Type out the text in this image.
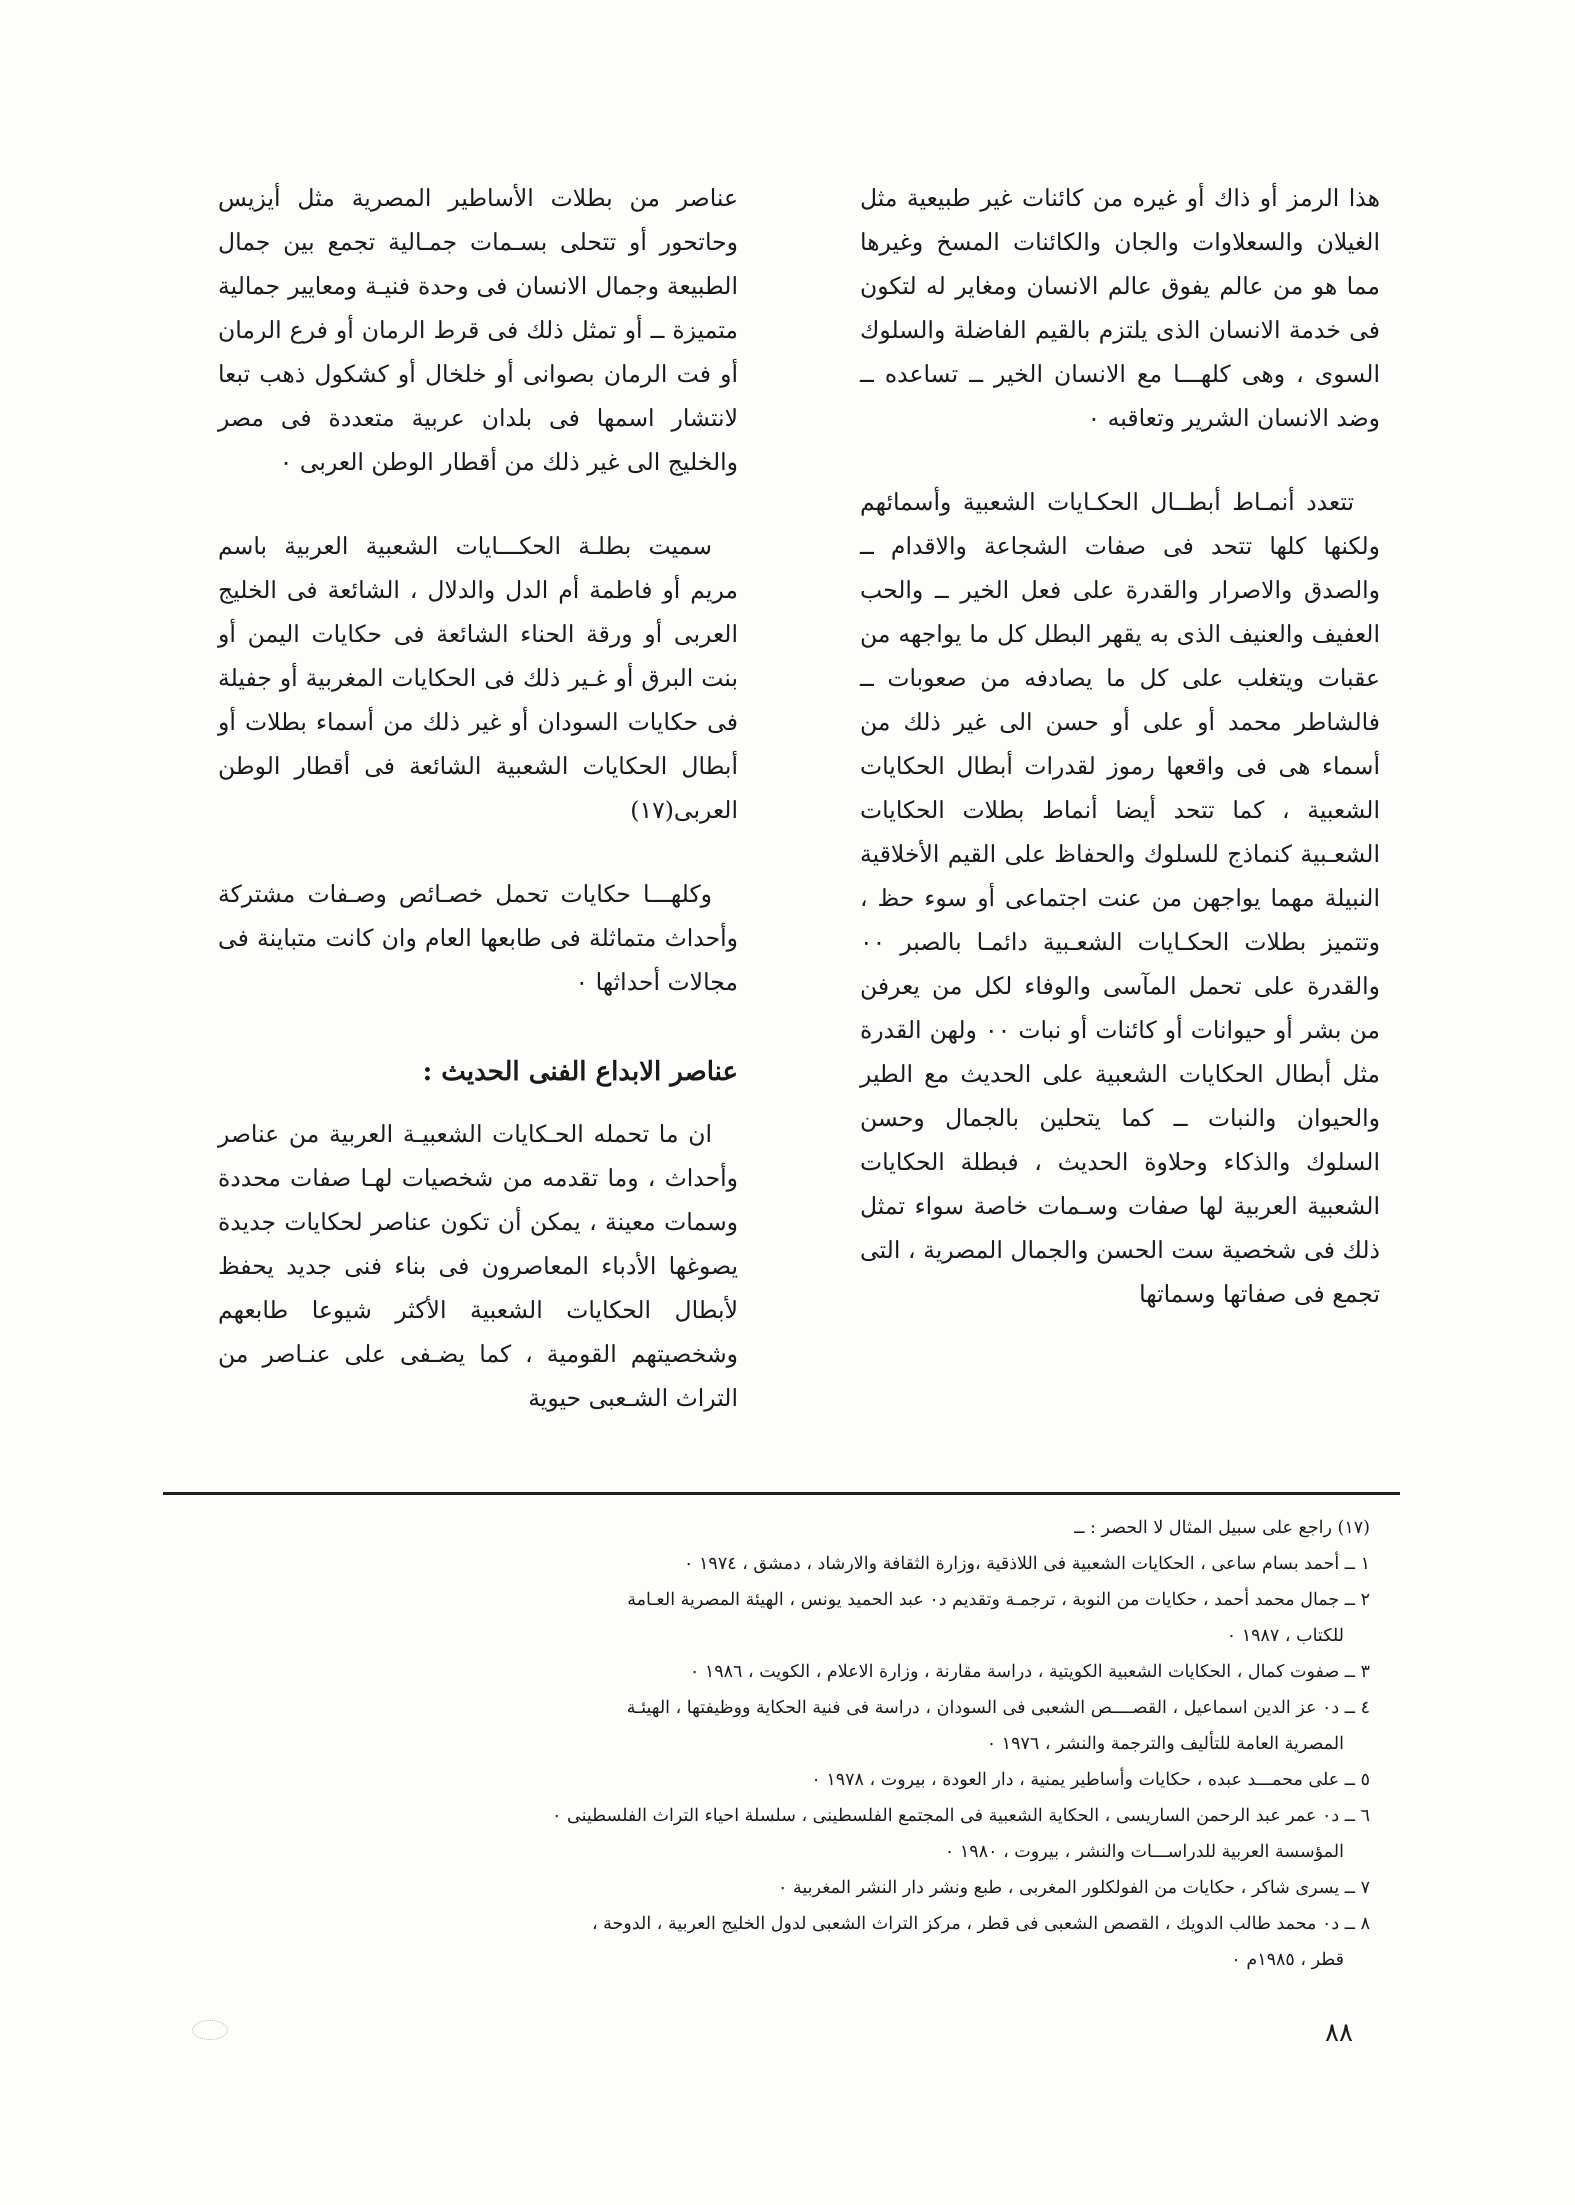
هذا الرمز أو ذاك أو غيره من كائنات غير طبيعية مثل الغيلان والسعلاوات والجان والكائنات المسخ وغيرها مما هو من عالم يفوق عالم الانسان ومغاير له لتكون فى خدمة الانسان الذى يلتزم بالقيم الفاضلة والسلوك السوى ، وهى كلهـــا مع الانسان الخير ــ تساعده ــ وضد الانسان الشرير وتعاقبه ٠

تتعدد أنمـاط أبطــال الحكـايات الشعبية وأسمائهم ولكنها كلها تتحد فى صفات الشجاعة والاقدام ــ والصدق والاصرار والقدرة على فعل الخير ــ والحب العفيف والعنيف الذى به يقهر البطل كل ما يواجهه من عقبات ويتغلب على كل ما يصادفه من صعوبات ــ فالشاطر محمد أو على أو حسن الى غير ذلك من أسماء هى فى واقعها رموز لقدرات أبطال الحكايات الشعبية ، كما تتحد أيضا أنماط بطلات الحكايات الشعـبية كنماذج للسلوك والحفاظ على القيم الأخلاقية النبيلة مهما يواجهن من عنت اجتماعى أو سوء حظ ، وتتميز بطلات الحكـايات الشعـبية دائمـا بالصبر ٠٠ والقدرة على تحمل المآسى والوفاء لكل من يعرفن من بشر أو حيوانات أو كائنات أو نبات ٠٠ ولهن القدرة مثل أبطال الحكايات الشعبية على الحديث مع الطير والحيوان والنبات ــ كما يتحلين بالجمال وحسن السلوك والذكاء وحلاوة الحديث ، فبطلة الحكايات الشعبية العربية لها صفات وسـمات خاصة سواء تمثل ذلك فى شخصية ست الحسن والجمال المصرية ، التى تجمع فى صفاتها وسماتها

عناصر من بطلات الأساطير المصرية مثل أيزيس وحاتحور أو تتحلى بسـمات جمـالية تجمع بين جمال الطبيعة وجمال الانسان فى وحدة فنيـة ومعايير جمالية متميزة ــ أو تمثل ذلك فى قرط الرمان أو فرع الرمان أو فت الرمان بصوانى أو خلخال أو كشكول ذهب تبعا لانتشار اسمها فى بلدان عربية متعددة فى مصر والخليج الى غير ذلك من أقطار الوطن العربى ٠

سميت بطلـة الحكـــايات الشعبية العربية باسم مريم أو فاطمة أم الدل والدلال ، الشائعة فى الخليج العربى أو ورقة الحناء الشائعة فى حكايات اليمن أو بنت البرق أو غـير ذلك فى الحكايات المغربية أو جفيلة فى حكايات السودان أو غير ذلك من أسماء بطلات أو أبطال الحكايات الشعبية الشائعة فى أقطار الوطن العربى(١٧)

وكلهـــا حكايات تحمل خصـائص وصـفات مشتركة وأحداث متماثلة فى طابعها العام وان كانت متباينة فى مجالات أحداثها ٠

عناصر الابداع الفنى الحديث :

ان ما تحمله الحـكايات الشعبيـة العربية من عناصر وأحداث ، وما تقدمه من شخصيات لهـا صفات محددة وسمات معينة ، يمكن أن تكون عناصر لحكايات جديدة يصوغها الأدباء المعاصرون فى بناء فنى جديد يحفظ لأبطال الحكايات الشعبية الأكثر شيوعا طابعهم وشخصيتهم القومية ، كما يضـفى على عنـاصر من التراث الشـعبى حيوية

(١٧) راجع على سبيل المثال لا الحصر : ــ

١ ــ أحمد بسام ساعى ، الحكايات الشعبية فى اللاذقية ،وزارة الثقافة والارشاد ، دمشق ، ١٩٧٤ ٠

٢ ــ جمال محمد أحمد ، حكايات من النوبة ، ترجمـة وتقديم د٠ عبد الحميد يونس ، الهيئة المصرية العـامة
للكتاب ، ١٩٨٧ ٠

٣ ــ صفوت كمال ، الحكايات الشعبية الكويتية ، دراسة مقارنة ، وزارة الاعلام ، الكويت ، ١٩٨٦ ٠

٤ ــ د٠ عز الدين اسماعيل ، القصــــص الشعبى فى السودان ، دراسة فى فنية الحكاية ووظيفتها ، الهيئـة
المصرية العامة للتأليف والترجمة والنشر ، ١٩٧٦ ٠

٥ ــ على محمـــد عبده ، حكايات وأساطير يمنية ، دار العودة ، بيروت ، ١٩٧٨ ٠

٦ ــ د٠ عمر عبد الرحمن الساريسى ، الحكاية الشعبية فى المجتمع الفلسطينى ، سلسلة احياء التراث الفلسطينى ٠
المؤسسة العربية للدراســـات والنشر ، بيروت ، ١٩٨٠ ٠

٧ ــ يسرى شاكر ، حكايات من الفولكلور المغربى ، طبع ونشر دار النشر المغربية ٠

٨ ــ د٠ محمد طالب الدويك ، القصص الشعبى فى قطر ، مركز التراث الشعبى لدول الخليج العربية ، الدوحة ،
قطر ، ١٩٨٥م ٠

٨٨
